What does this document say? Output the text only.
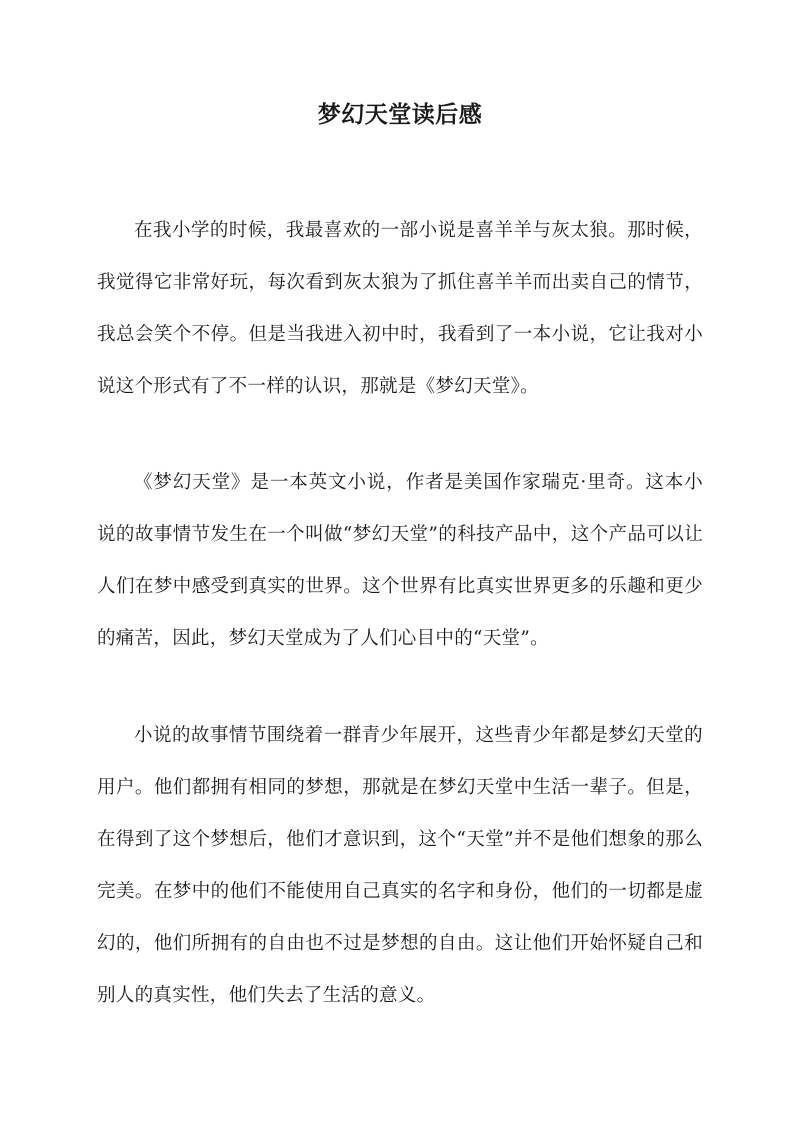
梦幻天堂读后感

在我小学的时候，我最喜欢的一部小说是喜羊羊与灰太狼。那时候，我觉得它非常好玩，每次看到灰太狼为了抓住喜羊羊而出卖自己的情节，我总会笑个不停。但是当我进入初中时，我看到了一本小说，它让我对小说这个形式有了不一样的认识，那就是《梦幻天堂》。

《梦幻天堂》是一本英文小说，作者是美国作家瑞克·里奇。这本小说的故事情节发生在一个叫做“梦幻天堂”的科技产品中，这个产品可以让人们在梦中感受到真实的世界。这个世界有比真实世界更多的乐趣和更少的痛苦，因此，梦幻天堂成为了人们心目中的“天堂”。

小说的故事情节围绕着一群青少年展开，这些青少年都是梦幻天堂的用户。他们都拥有相同的梦想，那就是在梦幻天堂中生活一辈子。但是，在得到了这个梦想后，他们才意识到，这个“天堂”并不是他们想象的那么完美。在梦中的他们不能使用自己真实的名字和身份，他们的一切都是虚幻的，他们所拥有的自由也不过是梦想的自由。这让他们开始怀疑自己和别人的真实性，他们失去了生活的意义。
